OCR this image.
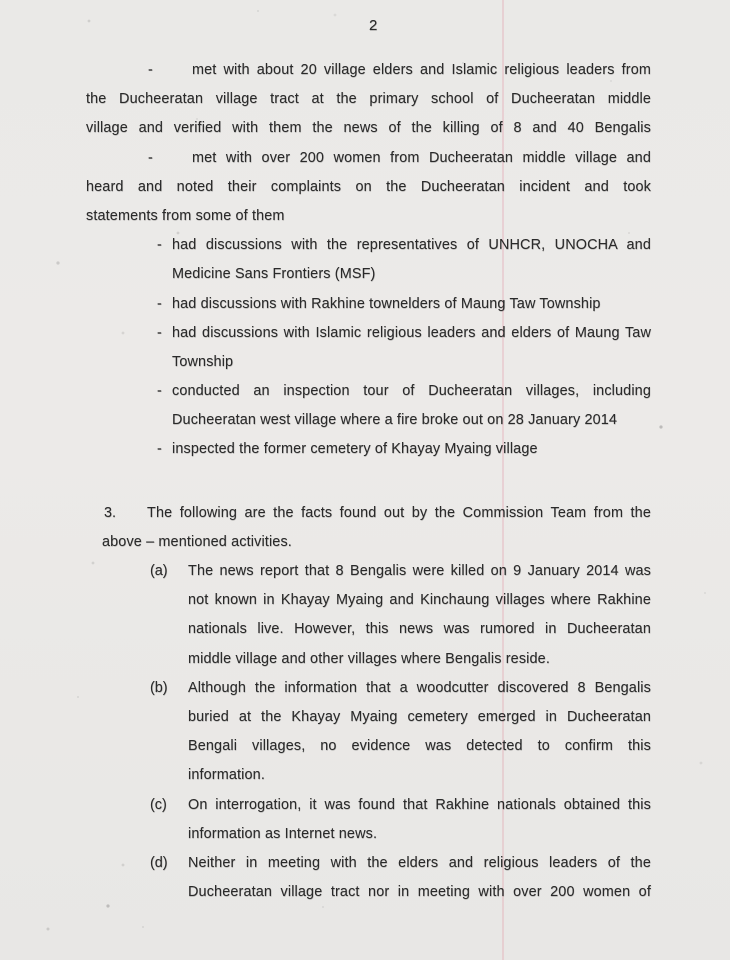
2
-	met with about 20 village elders and Islamic religious leaders from
the Ducheeratan village tract at the primary school of Ducheeratan middle
village and verified with them the news of the killing of 8 and 40 Bengalis
-	met with over 200 women from Ducheeratan middle village and
heard and noted their complaints on the Ducheeratan incident and took
statements from some of them
- had discussions with the representatives of UNHCR, UNOCHA and
Medicine Sans Frontiers (MSF)
- had discussions with Rakhine townelders of Maung Taw Township
- had discussions with Islamic religious leaders and elders of Maung Taw
Township
- conducted an inspection tour of Ducheeratan villages, including
Ducheeratan west village where a fire broke out on 28 January 2014
- inspected the former cemetery of Khayay Myaing village
3.	The following are the facts found out by the Commission Team from the
above – mentioned activities.
(a) The news report that 8 Bengalis were killed on 9 January 2014 was
not known in Khayay Myaing and Kinchaung villages where Rakhine
nationals live. However, this news was rumored in Ducheeratan
middle village and other villages where Bengalis reside.
(b) Although the information that a woodcutter discovered 8 Bengalis
buried at the Khayay Myaing cemetery emerged in Ducheeratan
Bengali villages, no evidence was detected to confirm this
information.
(c) On interrogation, it was found that Rakhine nationals obtained this
information as Internet news.
(d) Neither in meeting with the elders and religious leaders of the
Ducheeratan village tract nor in meeting with over 200 women of
